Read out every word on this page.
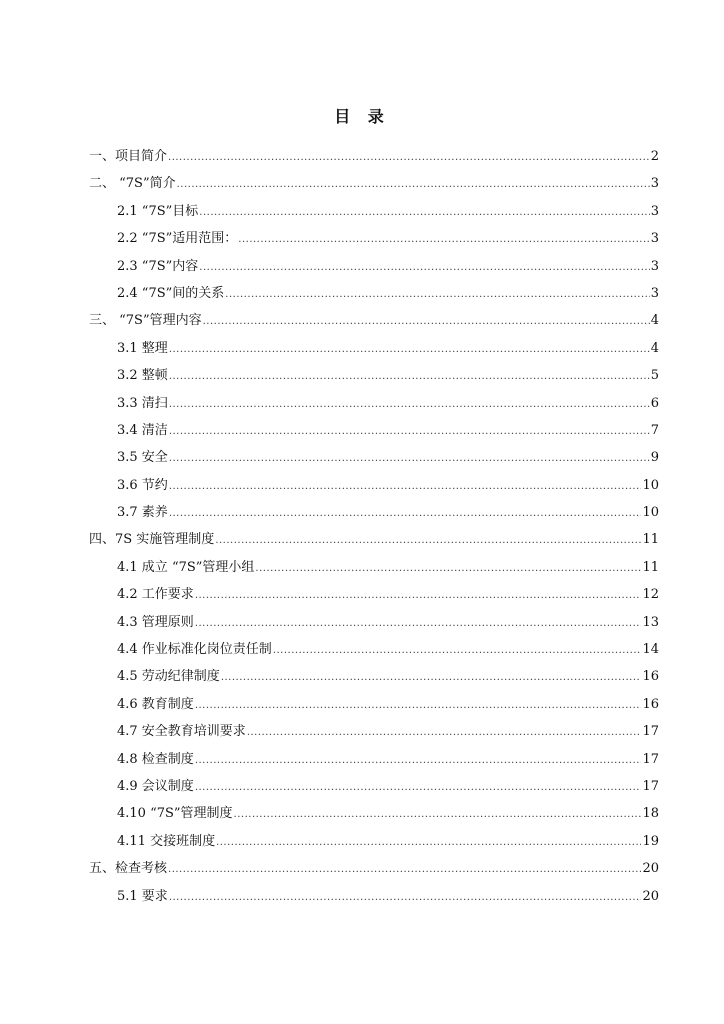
目 录
一、项目简介 .....	2
二、 “7S”简介 .....	3
2.1 “7S”目标 .....	3
2.2 “7S”适用范围： .....	3
2.3 “7S”内容 .....	3
2.4 “7S”间的关系 .....	3
三、 “7S”管理内容 .....	4
3.1 整理 .....	4
3.2 整顿 .....	5
3.3 清扫 .....	6
3.4 清洁 .....	7
3.5 安全 .....	9
3.6 节约 .....	10
3.7 素养 .....	10
四、7S 实施管理制度 .....	11
4.1 成立 “7S”管理小组 .....	11
4.2 工作要求 .....	12
4.3 管理原则 .....	13
4.4 作业标准化岗位责任制 .....	14
4.5 劳动纪律制度 .....	16
4.6 教育制度 .....	16
4.7 安全教育培训要求 .....	17
4.8 检查制度 .....	17
4.9 会议制度 .....	17
4.10 “7S”管理制度 .....	18
4.11 交接班制度 .....	19
五、检查考核 .....	20
5.1 要求 .....	20
